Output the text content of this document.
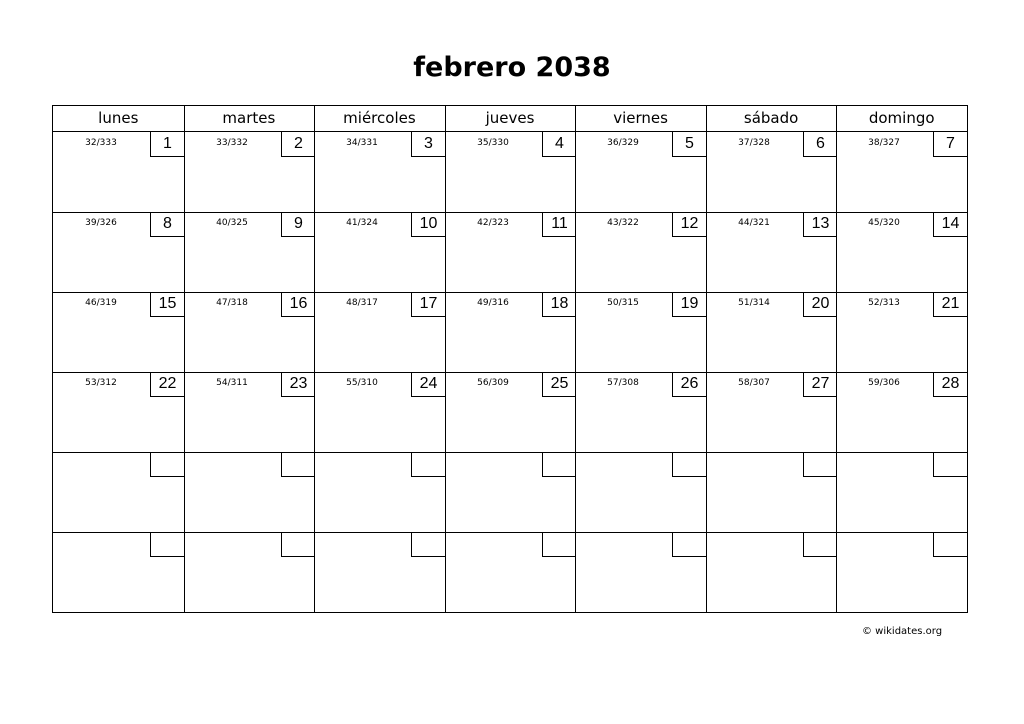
febrero 2038
lunes	martes	miércoles	jueves	viernes	sábado	domingo
32/333	1	33/332	2	34/331	3	35/330	4	36/329	5	37/328	6	38/327	7
39/326	8	40/325	9	41/324	10	42/323	11	43/322	12	44/321	13	45/320	14
46/319	15	47/318	16	48/317	17	49/316	18	50/315	19	51/314	20	52/313	21
53/312	22	54/311	23	55/310	24	56/309	25	57/308	26	58/307	27	59/306	28
© wikidates.org
